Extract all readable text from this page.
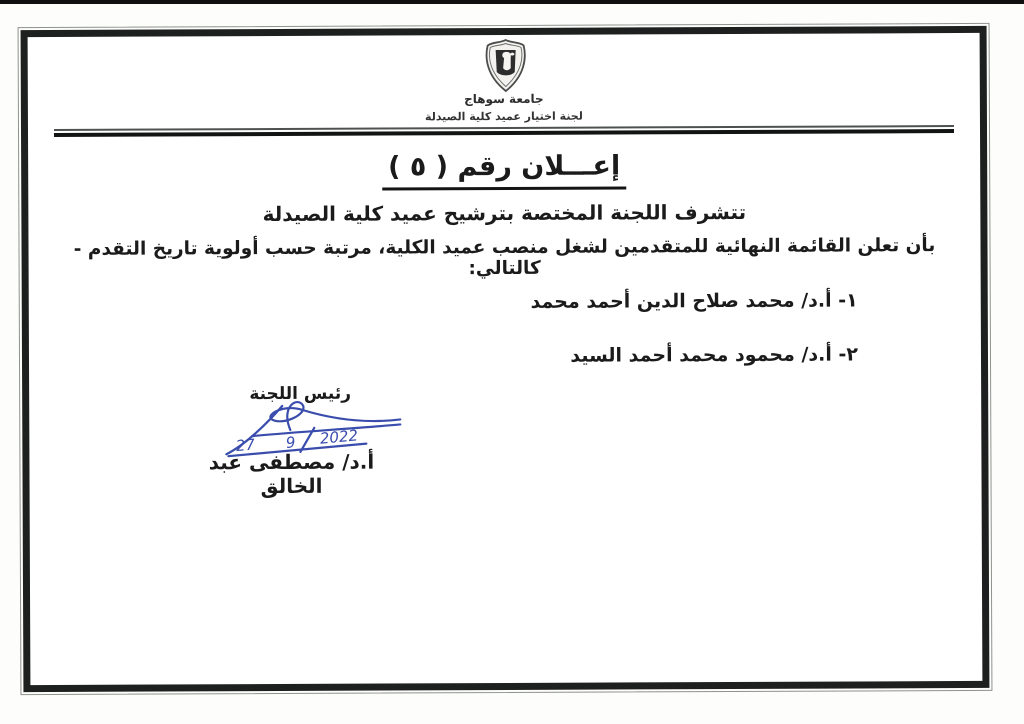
جامعة سوهاج
لجنة اختيار عميد كلية الصيدلة
إعـــلان رقم ( ٥ )
تتشرف اللجنة المختصة بترشيح عميد كلية الصيدلة
بأن تعلن القائمة النهائية للمتقدمين لشغل منصب عميد الكلية، مرتبة حسب أولوية تاريخ التقدم - كالتالي:
١- أ.د/ محمد صلاح الدين أحمد محمد
٢- أ.د/ محمود محمد أحمد السيد
رئيس اللجنة
أ.د/ مصطفى عبد الخالق
27 9 2022
